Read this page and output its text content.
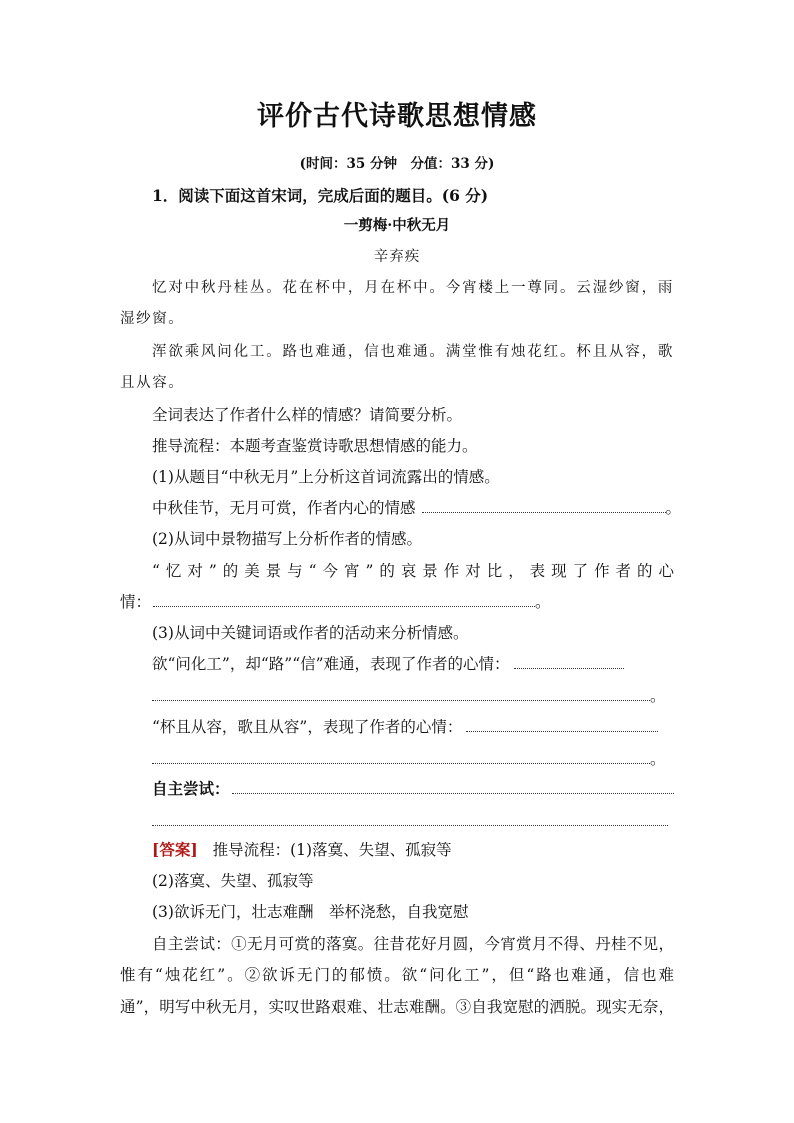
评价古代诗歌思想情感
(时间：35 分钟　分值：33 分)
1．阅读下面这首宋词，完成后面的题目。(6 分)
一剪梅·中秋无月
辛弃疾
忆对中秋丹桂丛。花在杯中，月在杯中。今宵楼上一尊同。云湿纱窗，雨
湿纱窗。
浑欲乘风问化工。路也难通，信也难通。满堂惟有烛花红。杯且从容，歌
且从容。
全词表达了作者什么样的情感？请简要分析。
推导流程：本题考查鉴赏诗歌思想情感的能力。
(1)从题目“中秋无月”上分析这首词流露出的情感。
中秋佳节，无月可赏，作者内心的情感	。
(2)从词中景物描写上分析作者的情感。
“忆对”的美景与“今宵”的哀景作对比，表现了作者的心
情：	。
(3)从词中关键词语或作者的活动来分析情感。
欲“问化工”，却“路”“信”难通，表现了作者的心情：
。
“杯且从容，歌且从容”，表现了作者的心情：
。
自主尝试：
[答案] 推导流程：(1)落寞、失望、孤寂等
(2)落寞、失望、孤寂等
(3)欲诉无门，壮志难酬　举杯浇愁，自我宽慰
自主尝试：①无月可赏的落寞。往昔花好月圆，今宵赏月不得、丹桂不见，
惟有“烛花红”。②欲诉无门的郁愤。欲“问化工”，但“路也难通，信也难
通”，明写中秋无月，实叹世路艰难、壮志难酬。③自我宽慰的洒脱。现实无奈，
